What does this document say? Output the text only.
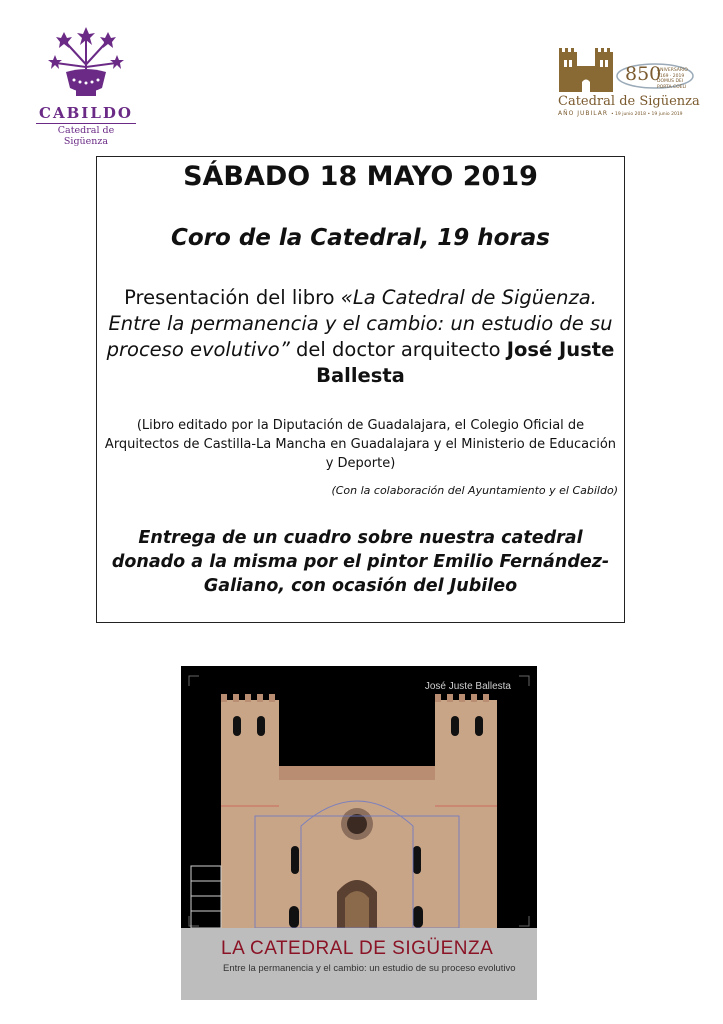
CABILDO
Catedral de Sigüenza
850
ANIVERSARIO 1169 · 2019 DOMUS DEI PORTA COELI
Catedral de Sigüenza
AÑO JUBILAR • 19 junio 2018 • 19 junio 2019
SÁBADO 18 MAYO 2019
Coro de la Catedral, 19 horas
Presentación del libro «La Catedral de Sigüenza. Entre la permanencia y el cambio: un estudio de su proceso evolutivo” del doctor arquitecto José Juste Ballesta
(Libro editado por la Diputación de Guadalajara, el Colegio Oficial de Arquitectos de Castilla-La Mancha en Guadalajara y el Ministerio de Educación y Deporte)
(Con la colaboración del Ayuntamiento y el Cabildo)
Entrega de un cuadro sobre nuestra catedral donado a la misma por el pintor Emilio Fernández-Galiano, con ocasión del Jubileo
José Juste Ballesta
LA CATEDRAL DE SIGÜENZA
Entre la permanencia y el cambio: un estudio de su proceso evolutivo
